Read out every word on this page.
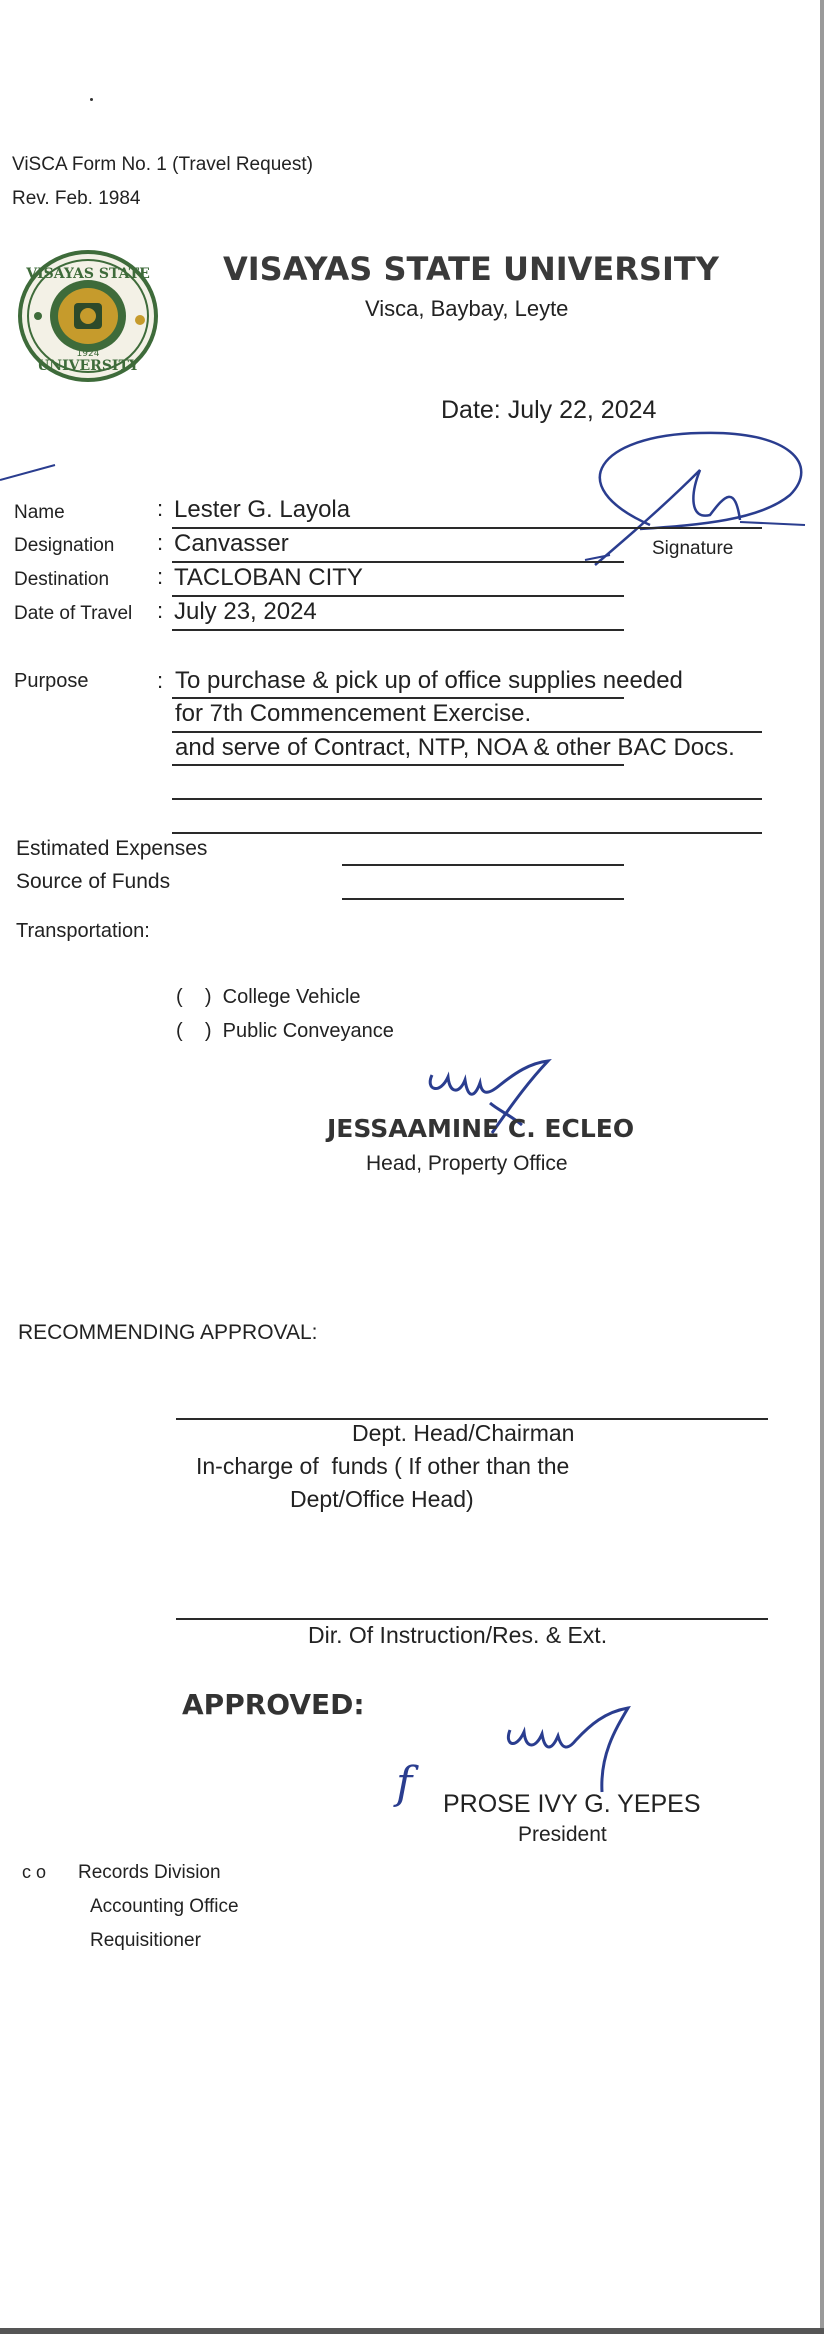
ViSCA Form No. 1 (Travel Request)
Rev. Feb. 1984
VISAYAS STATE
UNIVERSITY
1924
VISAYAS STATE UNIVERSITY
Visca, Baybay, Leyte
Date: July 22, 2024
Name	: Lester G. Layola
Signature
Designation : Canvasser
Destination : TACLOBAN CITY
Date of Travel : July 23, 2024
Purpose	: To purchase & pick up of office supplies needed
for 7th Commencement Exercise.
and serve of Contract, NTP, NOA & other BAC Docs.
Estimated Expenses
Source of Funds
Transportation:
(    )  College Vehicle
(    )  Public Conveyance
JESSAAMINE C. ECLEO
Head, Property Office
RECOMMENDING APPROVAL:
Dept. Head/Chairman
In-charge of  funds ( If other than the
Dept/Office Head)
Dir. Of Instruction/Res. & Ext.
APPROVED:
f PROSE IVY G. YEPES
President
c o Records Division
Accounting Office
Requisitioner
